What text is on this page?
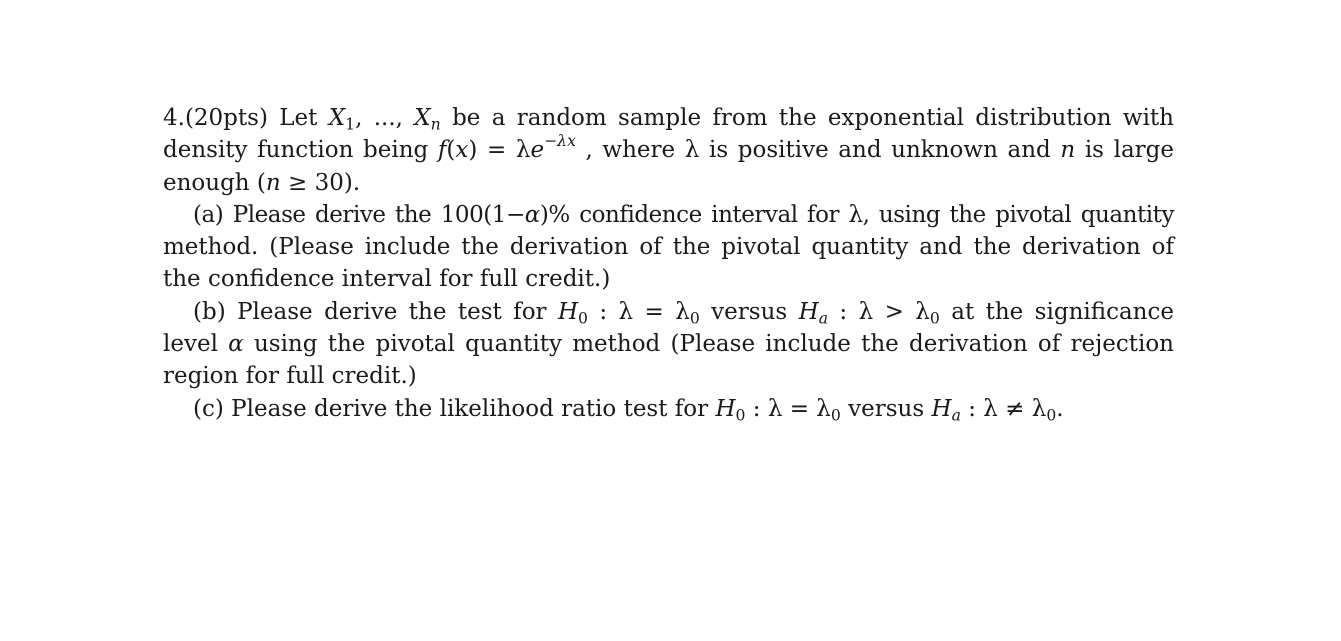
4.(20pts) Let $X_1$, ..., $X_n$ be a random sample from the exponential distribution with
density function being $f(x) = \lambda e^{-\lambda x}$ , where λ is positive and unknown and n is large
enough (n ≥ 30).
(a) Please derive the 100(1−α)% confidence interval for λ, using the pivotal quantity
method. (Please include the derivation of the pivotal quantity and the derivation of
the confidence interval for full credit.)
(b) Please derive the test for $H_0$ : $\lambda = \lambda_0$ versus $H_a$ : $\lambda > \lambda_0$ at the significance
level α using the pivotal quantity method (Please include the derivation of rejection
region for full credit.)
(c) Please derive the likelihood ratio test for $H_0$ : $\lambda = \lambda_0$ versus $H_a$ : $\lambda \ne \lambda_0$.
